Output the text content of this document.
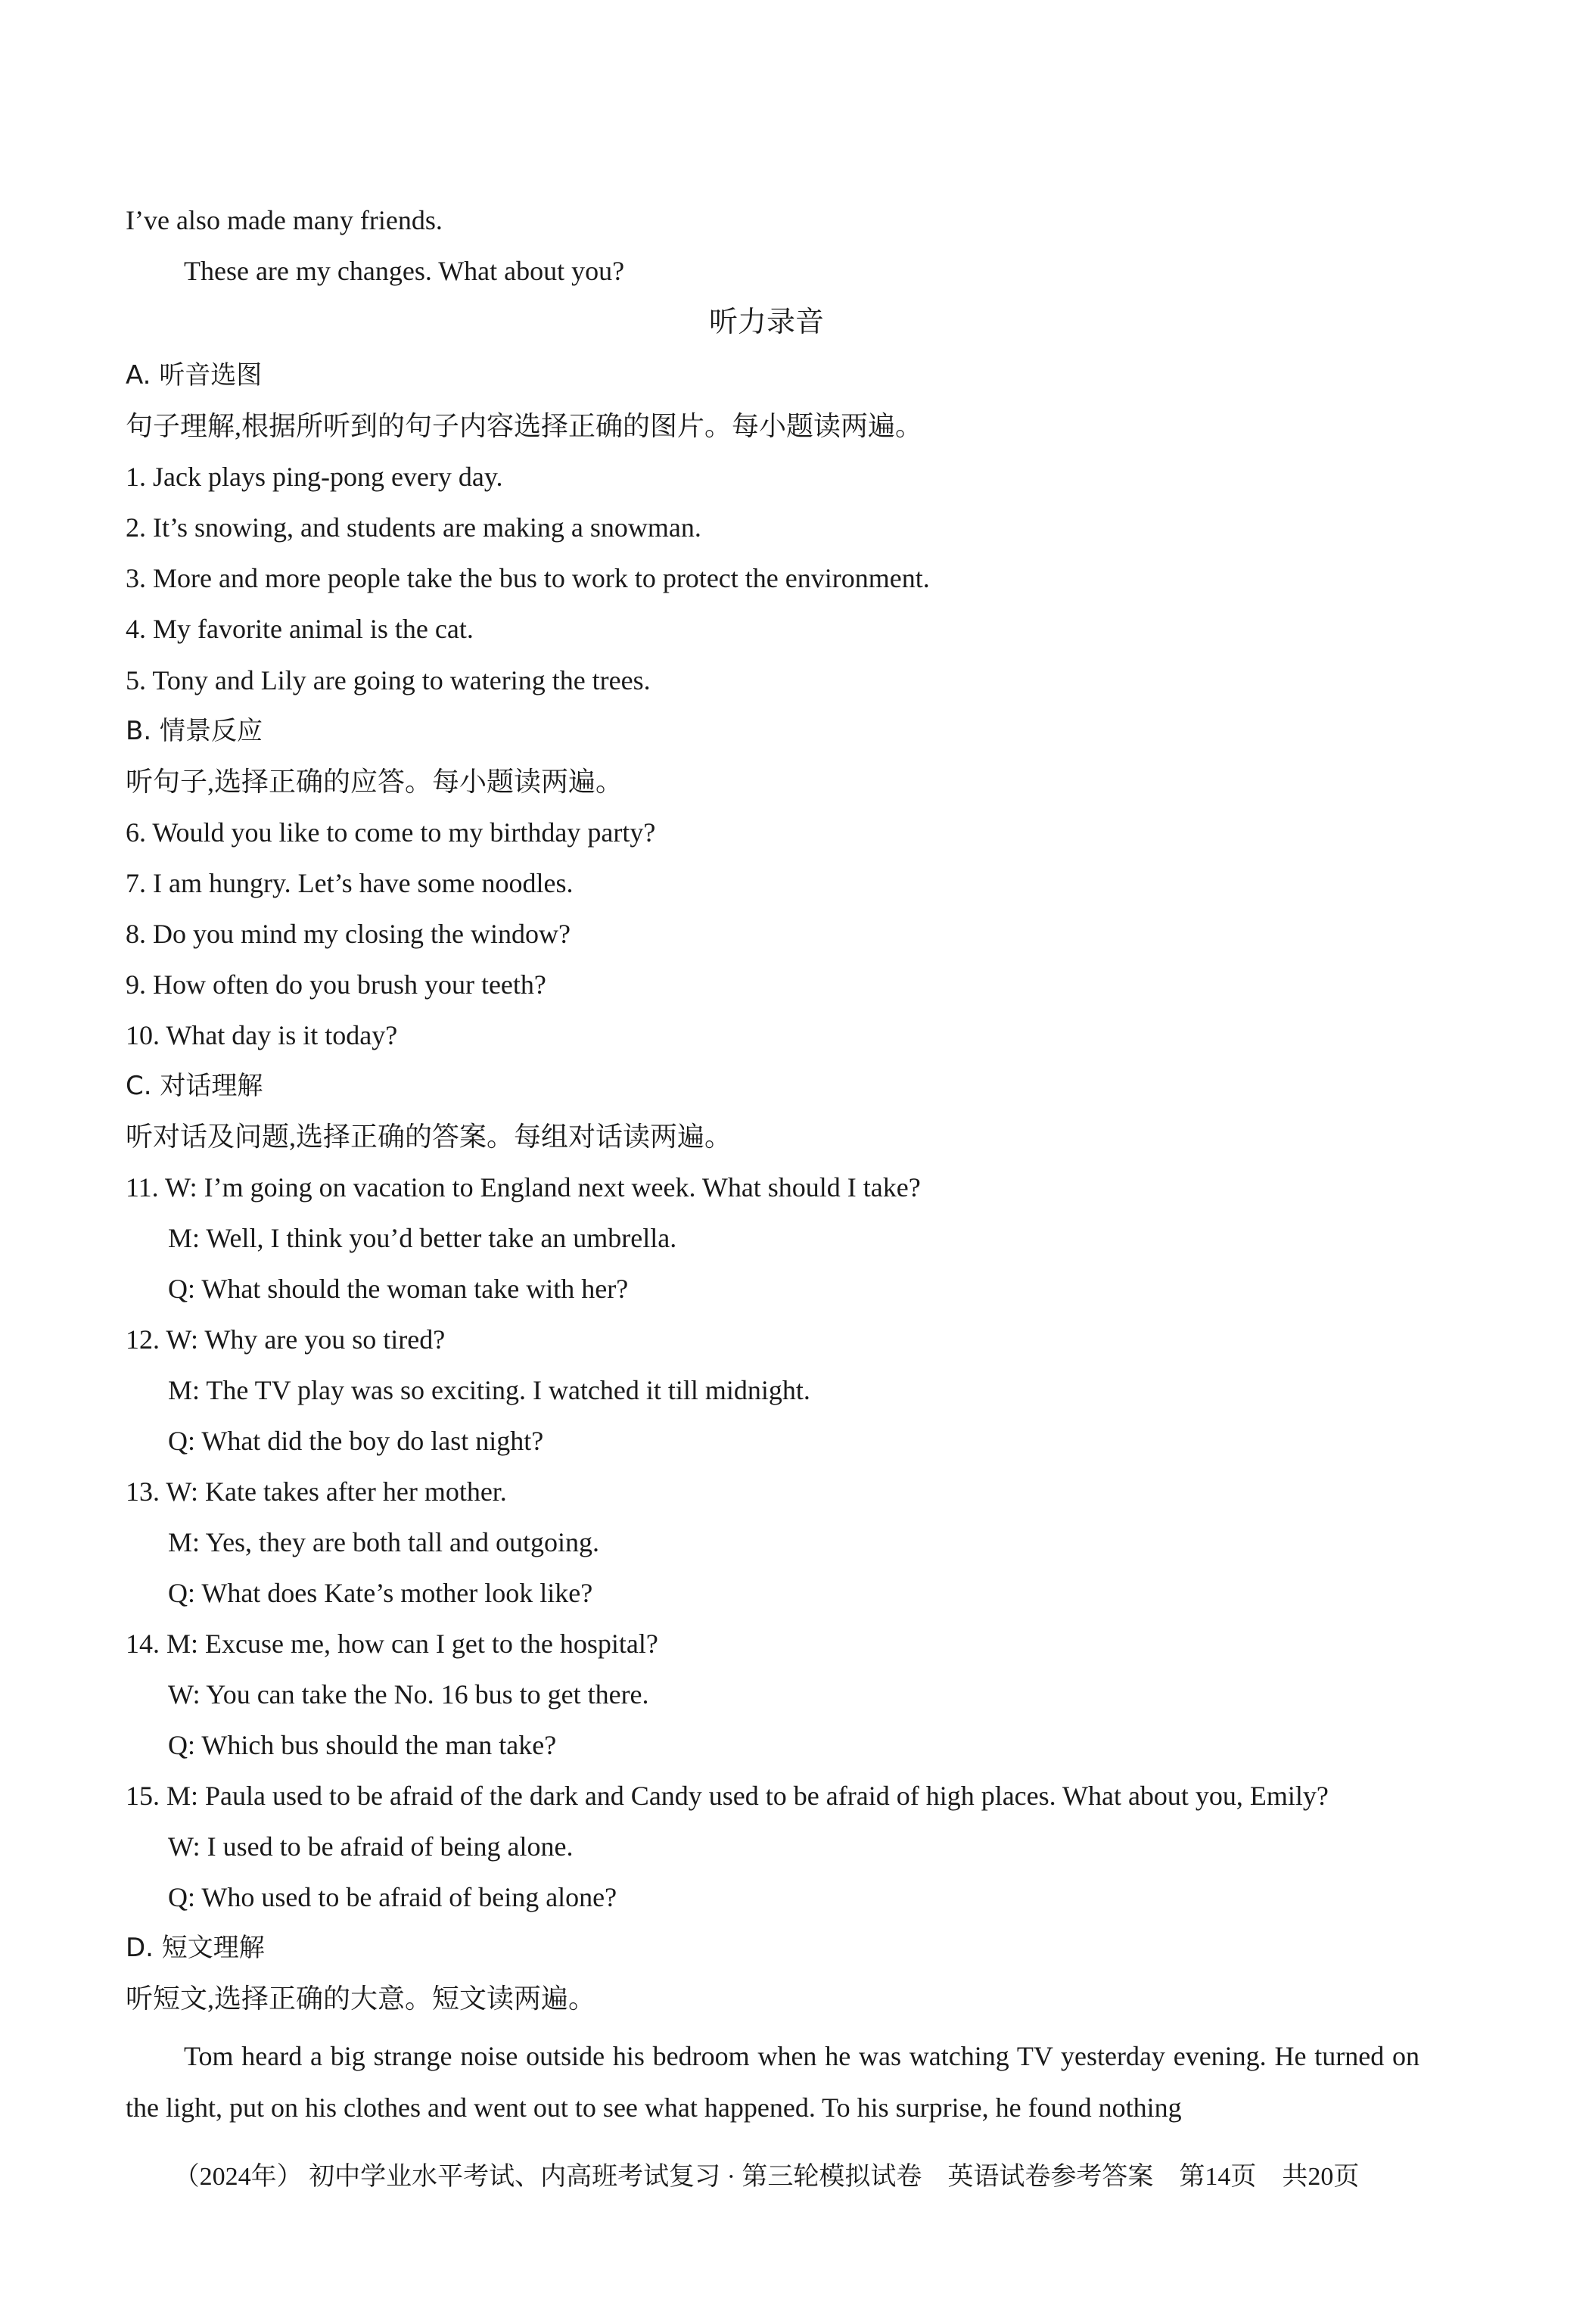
I’ve also made many friends.
These are my changes. What about you?
听力录音
A. 听音选图
句子理解,根据所听到的句子内容选择正确的图片。每小题读两遍。
1. Jack plays ping-pong every day.
2. It’s snowing, and students are making a snowman.
3. More and more people take the bus to work to protect the environment.
4. My favorite animal is the cat.
5. Tony and Lily are going to watering the trees.
B. 情景反应
听句子,选择正确的应答。每小题读两遍。
6. Would you like to come to my birthday party?
7. I am hungry. Let’s have some noodles.
8. Do you mind my closing the window?
9. How often do you brush your teeth?
10. What day is it today?
C. 对话理解
听对话及问题,选择正确的答案。每组对话读两遍。
11. W: I’m going on vacation to England next week. What should I take?
M: Well, I think you’d better take an umbrella.
Q: What should the woman take with her?
12. W: Why are you so tired?
M: The TV play was so exciting. I watched it till midnight.
Q: What did the boy do last night?
13. W: Kate takes after her mother.
M: Yes, they are both tall and outgoing.
Q: What does Kate’s mother look like?
14. M: Excuse me, how can I get to the hospital?
W: You can take the No. 16 bus to get there.
Q: Which bus should the man take?
15. M: Paula used to be afraid of the dark and Candy used to be afraid of high places. What about you, Emily?
W: I used to be afraid of being alone.
Q: Who used to be afraid of being alone?
D. 短文理解
听短文,选择正确的大意。短文读两遍。
Tom heard a big strange noise outside his bedroom when he was watching TV yesterday evening. He turned on the light, put on his clothes and went out to see what happened. To his surprise, he found nothing
（2024年） 初中学业水平考试、内高班考试复习 · 第三轮模拟试卷　英语试卷参考答案　第14页　共20页
